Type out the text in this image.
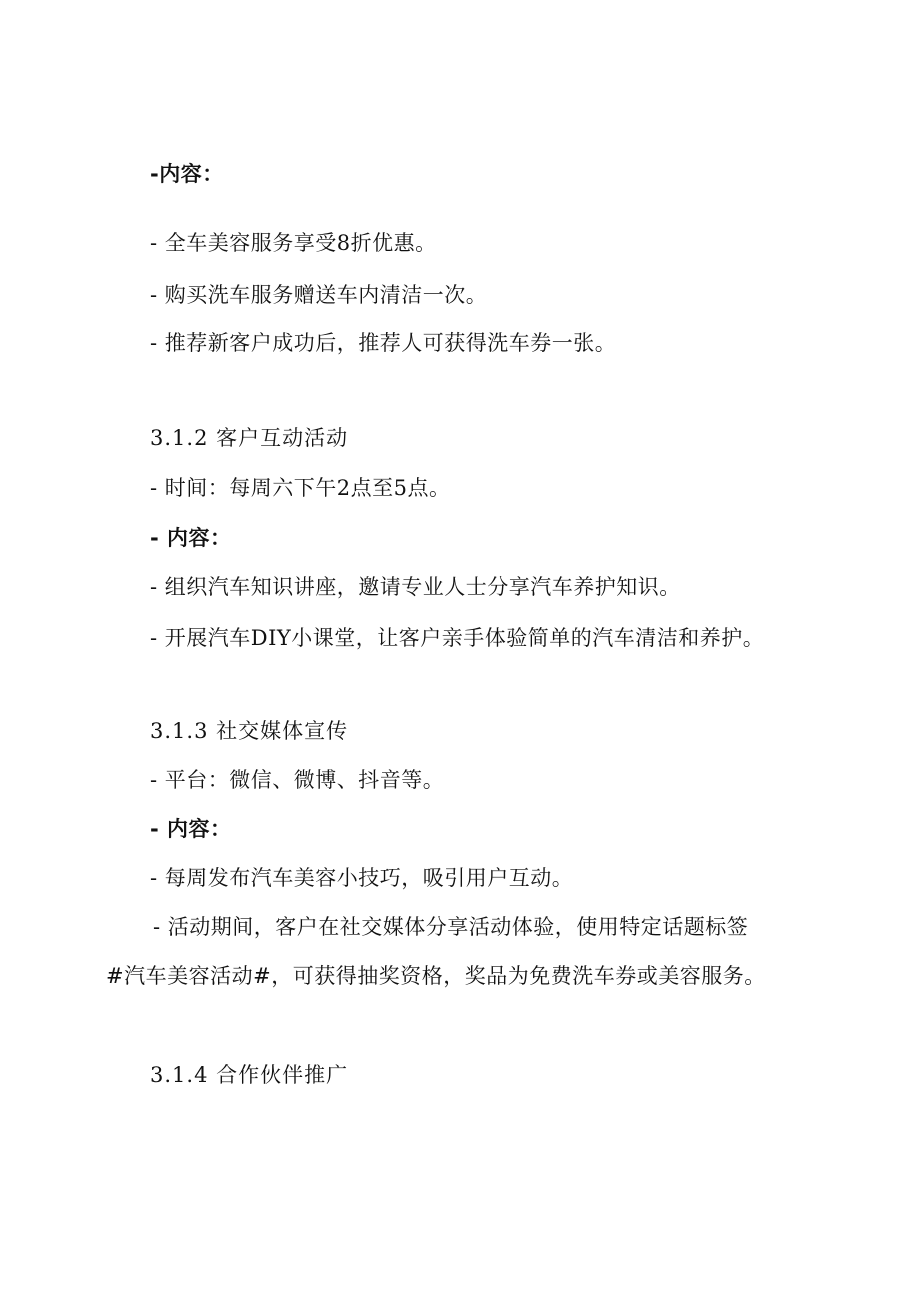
-内容：
- 全车美容服务享受8折优惠。
- 购买洗车服务赠送车内清洁一次。
- 推荐新客户成功后，推荐人可获得洗车券一张。
3.1.2 客户互动活动
- 时间：每周六下午2点至5点。
- 内容：
- 组织汽车知识讲座，邀请专业人士分享汽车养护知识。
- 开展汽车DIY小课堂，让客户亲手体验简单的汽车清洁和养护。
3.1.3 社交媒体宣传
- 平台：微信、微博、抖音等。
- 内容：
- 每周发布汽车美容小技巧，吸引用户互动。
- 活动期间，客户在社交媒体分享活动体验，使用特定话题标签
#汽车美容活动#，可获得抽奖资格，奖品为免费洗车券或美容服务。
3.1.4 合作伙伴推广
